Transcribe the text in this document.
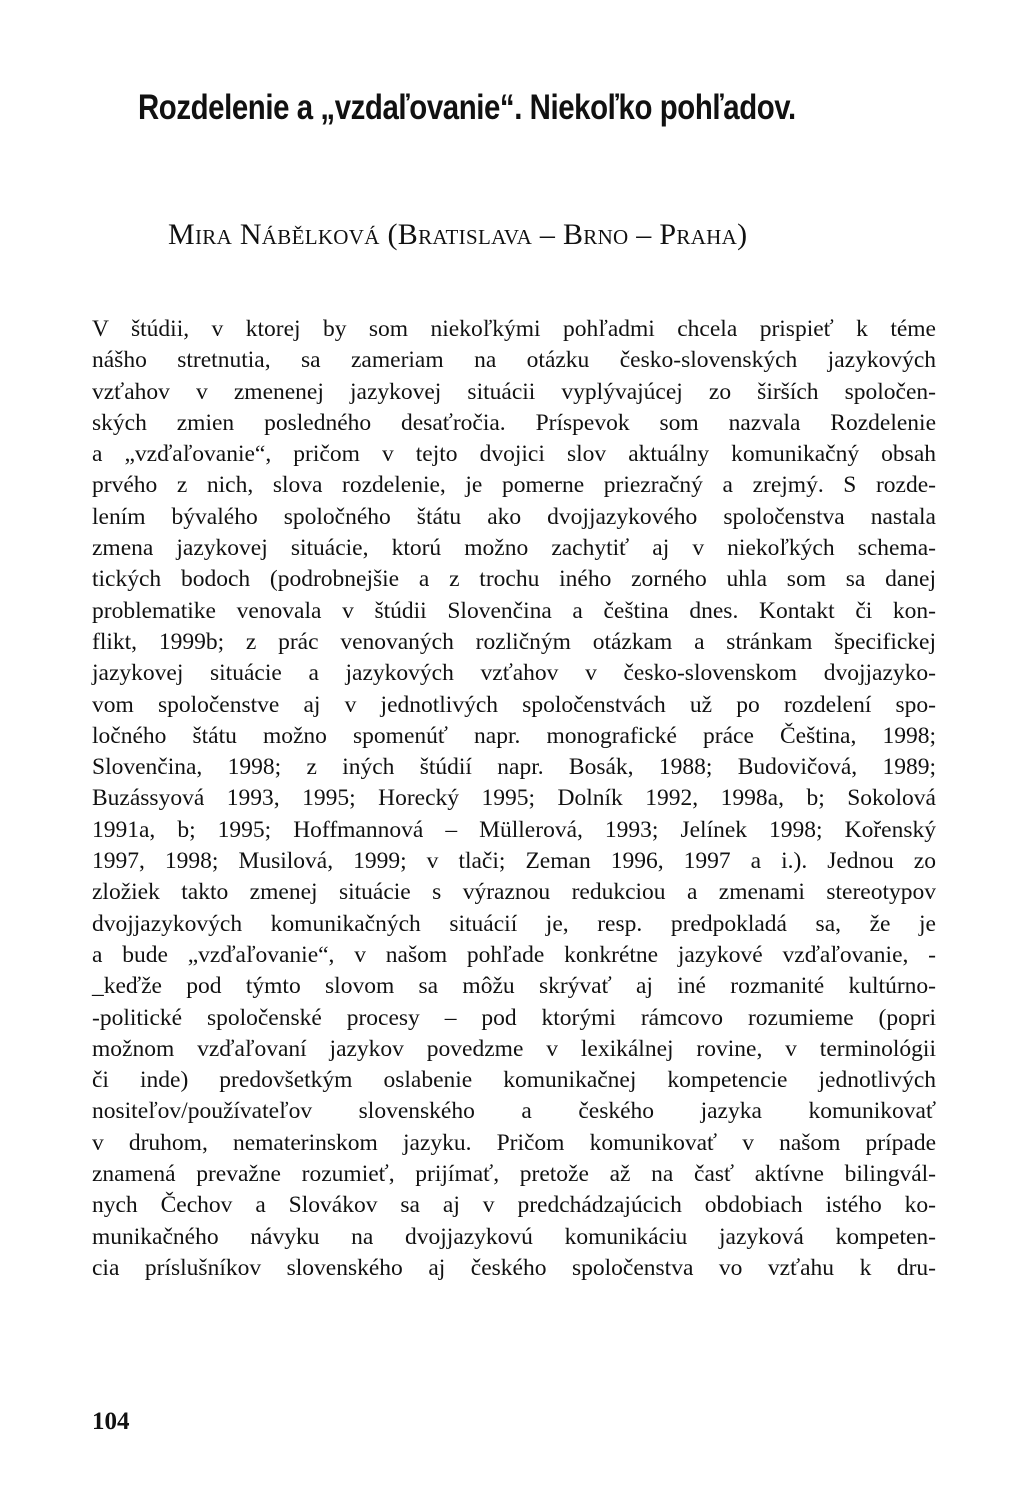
Rozdelenie a „vzdaľovanie“. Niekoľko pohľadov.
Mira Nábělková (Bratislava – Brno – Praha)
V štúdii, v ktorej by som niekoľkými pohľadmi chcela prispieť k téme
nášho stretnutia, sa zameriam na otázku česko-slovenských jazykových
vzťahov v zmenenej jazykovej situácii vyplývajúcej zo širších spoločen-
ských zmien posledného desaťročia. Príspevok som nazvala Rozdelenie
a „vzďaľovanie“, pričom v tejto dvojici slov aktuálny komunikačný obsah
prvého z nich, slova rozdelenie, je pomerne priezračný a zrejmý. S rozde-
lením bývalého spoločného štátu ako dvojjazykového spoločenstva nastala
zmena jazykovej situácie, ktorú možno zachytiť aj v niekoľkých schema-
tických bodoch (podrobnejšie a z trochu iného zorného uhla som sa danej
problematike venovala v štúdii Slovenčina a čeština dnes. Kontakt či kon-
flikt, 1999b; z prác venovaných rozličným otázkam a stránkam špecifickej
jazykovej situácie a jazykových vzťahov v česko-slovenskom dvojjazyko-
vom spoločenstve aj v jednotlivých spoločenstvách už po rozdelení spo-
ločného štátu možno spomenúť napr. monografické práce Čeština, 1998;
Slovenčina, 1998; z iných štúdií napr. Bosák, 1988; Budovičová, 1989;
Buzássyová 1993, 1995; Horecký 1995; Dolník 1992, 1998a, b; Sokolová
1991a, b; 1995; Hoffmannová – Müllerová, 1993; Jelínek 1998; Kořenský
1997, 1998; Musilová, 1999; v tlači; Zeman 1996, 1997 a i.). Jednou zo
zložiek takto zmenej situácie s výraznou redukciou a zmenami stereotypov
dvojjazykových komunikačných situácií je, resp. predpokladá sa, že je
a bude „vzďaľovanie“, v našom pohľade konkrétne jazykové vzďaľovanie, -
_keďže pod týmto slovom sa môžu skrývať aj iné rozmanité kultúrno-
-politické spoločenské procesy – pod ktorými rámcovo rozumieme (popri
možnom vzďaľovaní jazykov povedzme v lexikálnej rovine, v terminológii
či inde) predovšetkým oslabenie komunikačnej kompetencie jednotlivých
nositeľov/používateľov slovenského a českého jazyka komunikovať
v druhom, nematerinskom jazyku. Pričom komunikovať v našom prípade
znamená prevažne rozumieť, prijímať, pretože až na časť aktívne bilingvál-
nych Čechov a Slovákov sa aj v predchádzajúcich obdobiach istého ko-
munikačného návyku na dvojjazykovú komunikáciu jazyková kompeten-
cia príslušníkov slovenského aj českého spoločenstva vo vzťahu k dru-
104
